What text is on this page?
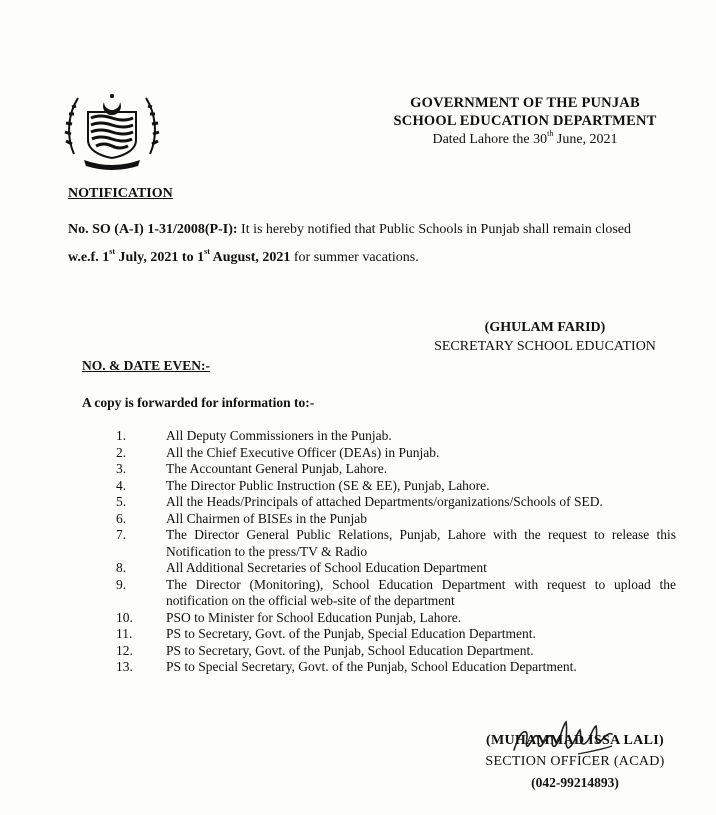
GOVERNMENT OF THE PUNJAB
SCHOOL EDUCATION DEPARTMENT
Dated Lahore the 30th June, 2021
NOTIFICATION
No. SO (A-I) 1-31/2008(P-I): It is hereby notified that Public Schools in Punjab shall remain closed
w.e.f. 1st July, 2021 to 1st August, 2021 for summer vacations.
(GHULAM FARID)
SECRETARY SCHOOL EDUCATION
NO. & DATE EVEN:-
A copy is forwarded for information to:-
1.	All Deputy Commissioners in the Punjab.
2.	All the Chief Executive Officer (DEAs) in Punjab.
3.	The Accountant General Punjab, Lahore.
4.	The Director Public Instruction (SE & EE), Punjab, Lahore.
5.	All the Heads/Principals of attached Departments/organizations/Schools of SED.
6.	All Chairmen of BISEs in the Punjab
7.	The Director General Public Relations, Punjab, Lahore with the request to release this Notification to the press/TV & Radio
8.	All Additional Secretaries of School Education Department
9.	The Director (Monitoring), School Education Department with request to upload the notification on the official web-site of the department
10.	PSO to Minister for School Education Punjab, Lahore.
11.	PS to Secretary, Govt. of the Punjab, Special Education Department.
12.	PS to Secretary, Govt. of the Punjab, School Education Department.
13.	PS to Special Secretary, Govt. of the Punjab, School Education Department.
(MUHAMMAD ISSA LALI)
SECTION OFFICER (ACAD)
(042-99214893)
